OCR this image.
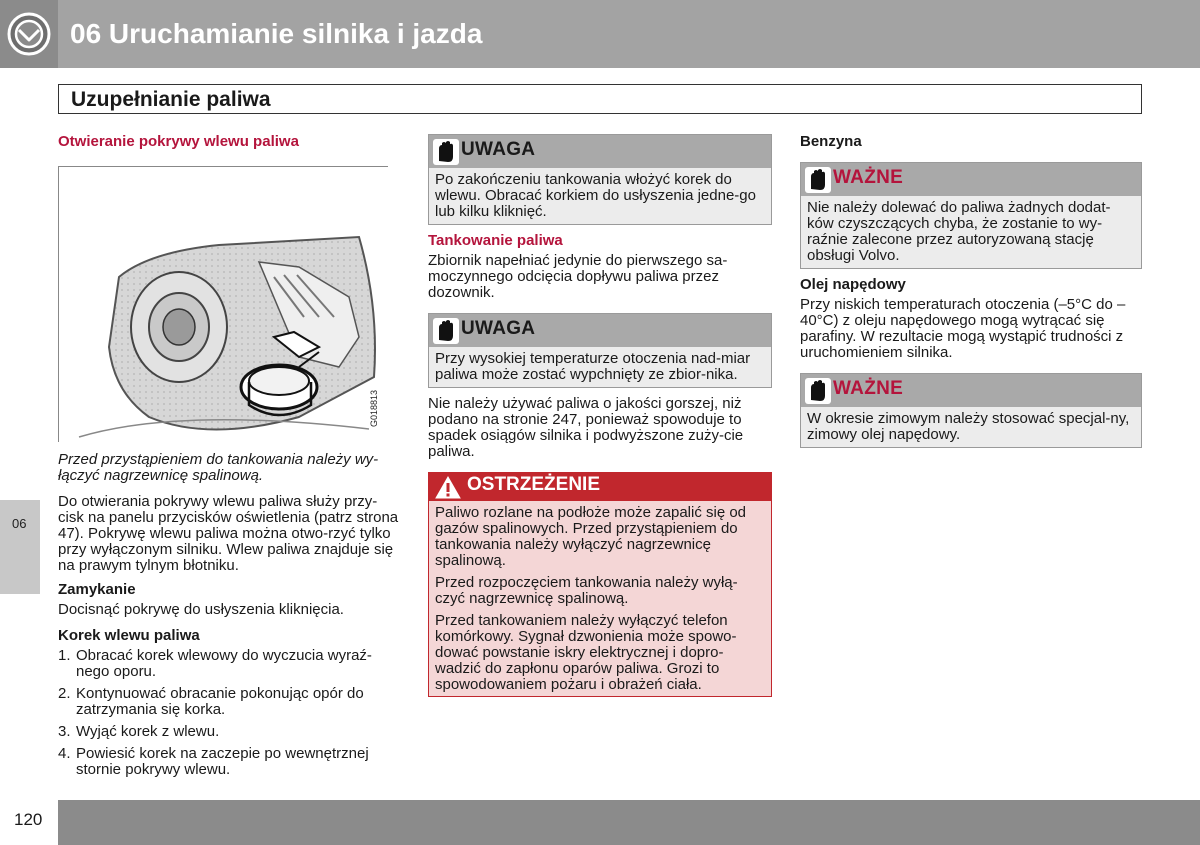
06 Uruchamianie silnika i jazda
Uzupełnianie paliwa
06
Otwieranie pokrywy wlewu paliwa
G018813

Przed przystąpieniem do tankowania należy wy-łączyć nagrzewnicę spalinową.

Do otwierania pokrywy wlewu paliwa służy przy-cisk na panelu przycisków oświetlenia (patrz strona 47). Pokrywę wlewu paliwa można otwo-rzyć tylko przy wyłączonym silniku. Wlew paliwa znajduje się na prawym tylnym błotniku.

Zamykanie

Docisnąć pokrywę do usłyszenia kliknięcia.

Korek wlewu paliwa
1. Obracać korek wlewowy do wyczucia wyraź-nego oporu.
2. Kontynuować obracanie pokonując opór do zatrzymania się korka.
3. Wyjąć korek z wlewu.
4. Powiesić korek na zaczepie po wewnętrznej stornie pokrywy wlewu.
UWAGA
Po zakończeniu tankowania włożyć korek do wlewu. Obracać korkiem do usłyszenia jedne-go lub kilku kliknięć.
Tankowanie paliwa

Zbiornik napełniać jedynie do pierwszego sa-moczynnego odcięcia dopływu paliwa przez dozownik.

UWAGA
Przy wysokiej temperaturze otoczenia nad-miar paliwa może zostać wypchnięty ze zbior-nika.

Nie należy używać paliwa o jakości gorszej, niż podano na stronie 247, ponieważ spowoduje to spadek osiągów silnika i podwyższone zuży-cie paliwa.

OSTRZEŻENIE

Paliwo rozlane na podłoże może zapalić się od gazów spalinowych. Przed przystąpieniem do tankowania należy wyłączyć nagrzewnicę spalinową.

Przed rozpoczęciem tankowania należy wyłą-czyć nagrzewnicę spalinową.

Przed tankowaniem należy wyłączyć telefon komórkowy. Sygnał dzwonienia może spowo-dować powstanie iskry elektrycznej i dopro-wadzić do zapłonu oparów paliwa. Grozi to spowodowaniem pożaru i obrażeń ciała.

Benzyna
WAŻNE
Nie należy dolewać do paliwa żadnych dodat-ków czyszczących chyba, że zostanie to wy-raźnie zalecone przez autoryzowaną stację obsługi Volvo.
Olej napędowy

Przy niskich temperaturach otoczenia (–5°C do –40°C) z oleju napędowego mogą wytrącać się parafiny. W rezultacie mogą wystąpić trudności z uruchomieniem silnika.

WAŻNE
W okresie zimowym należy stosować specjal-ny, zimowy olej napędowy.
120
